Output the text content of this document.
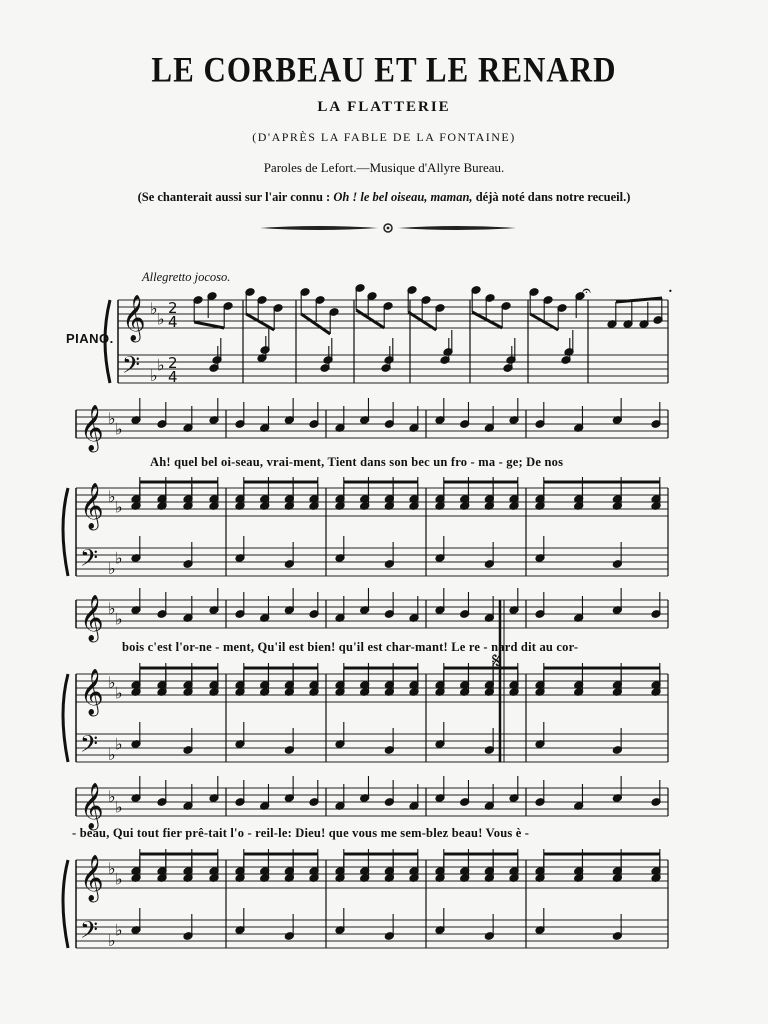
LE CORBEAU ET LE RENARD
LA FLATTERIE
(D'APRÈS LA FABLE DE LA FONTAINE)
Paroles de Lefort.—Musique d'Allyre Bureau.
(Se chanterait aussi sur l'air connu : Oh ! le bel oiseau, maman, déjà noté dans notre recueil.)
Allegretto jocoso.
PIANO.
Ah! quel bel oi-seau, vrai-ment, Tient dans son bec un fro - ma - ge; De nos
bois c'est l'or-ne - ment, Qu'il est bien! qu'il est char-mant! Le re - nard dit au cor-
- beau, Qui tout fier prê-tait l'o - reil-le: Dieu! que vous me sem-blez beau! Vous è -
𝄞
𝄢
♭
♭
♭
♭
2
2
4
4
𝄐	•
𝄞
𝄞
𝄢
♭
♭
♭
♭
♭
♭
𝄞
𝄞
𝄢
♭
♭
♭
♭
♭
♭
𝄞
𝄞
𝄢
♭
♭
♭
♭
♭
♭
𝄋
